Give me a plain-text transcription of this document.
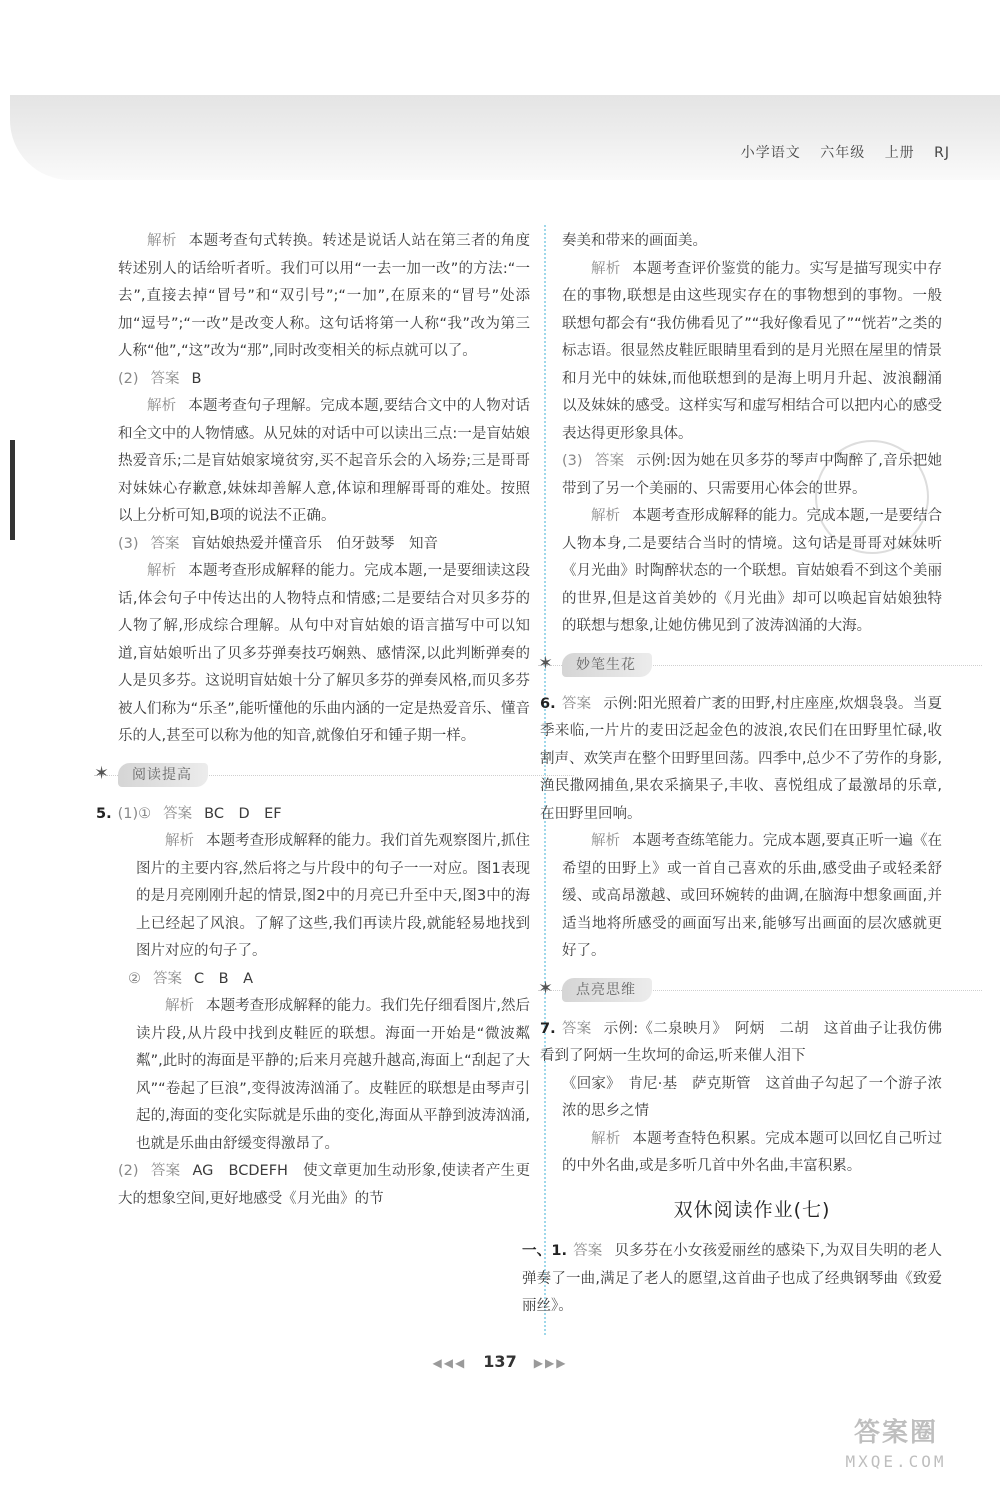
小学语文 六年级 上册 RJ

解析 本题考查句式转换。转述是说话人站在第三者的角度转述别人的话给听者听。我们可以用“一去一加一改”的方法:“一去”,直接去掉“冒号”和“双引号”;“一加”,在原来的“冒号”处添加“逗号”;“一改”是改变人称。这句话将第一人称“我”改为第三人称“他”,“这”改为“那”,同时改变相关的标点就可以了。

(2) 答案 B

解析 本题考查句子理解。完成本题,要结合文中的人物对话和全文中的人物情感。从兄妹的对话中可以读出三点:一是盲姑娘热爱音乐;二是盲姑娘家境贫穷,买不起音乐会的入场券;三是哥哥对妹妹心存歉意,妹妹却善解人意,体谅和理解哥哥的难处。按照以上分析可知,B项的说法不正确。

(3) 答案 盲姑娘热爱并懂音乐　伯牙鼓琴　知音

解析 本题考查形成解释的能力。完成本题,一是要细读这段话,体会句子中传达出的人物特点和情感;二是要结合对贝多芬的人物了解,形成综合理解。从句中对盲姑娘的语言描写中可以知道,盲姑娘听出了贝多芬弹奏技巧娴熟、感情深,以此判断弹奏的人是贝多芬。这说明盲姑娘十分了解贝多芬的弹奏风格,而贝多芬被人们称为“乐圣”,能听懂他的乐曲内涵的一定是热爱音乐、懂音乐的人,甚至可以称为他的知音,就像伯牙和锺子期一样。

✶	阅读提高

5. (1)① 答案 BC　D　EF

解析 本题考查形成解释的能力。我们首先观察图片,抓住图片的主要内容,然后将之与片段中的句子一一对应。图1表现的是月亮刚刚升起的情景,图2中的月亮已升至中天,图3中的海上已经起了风浪。了解了这些,我们再读片段,就能轻易地找到图片对应的句子了。

② 答案 C　B　A

解析 本题考查形成解释的能力。我们先仔细看图片,然后读片段,从片段中找到皮鞋匠的联想。海面一开始是“微波粼粼”,此时的海面是平静的;后来月亮越升越高,海面上“刮起了大风”“卷起了巨浪”,变得波涛汹涌了。皮鞋匠的联想是由琴声引起的,海面的变化实际就是乐曲的变化,海面从平静到波涛汹涌,也就是乐曲由舒缓变得激昂了。

(2) 答案 AG　BCDEFH　使文章更加生动形象,使读者产生更大的想象空间,更好地感受《月光曲》的节

奏美和带来的画面美。

解析 本题考查评价鉴赏的能力。实写是描写现实中存在的事物,联想是由这些现实存在的事物想到的事物。一般联想句都会有“我仿佛看见了”“我好像看见了”“恍若”之类的标志语。很显然皮鞋匠眼睛里看到的是月光照在屋里的情景和月光中的妹妹,而他联想到的是海上明月升起、波浪翻涌以及妹妹的感受。这样实写和虚写相结合可以把内心的感受表达得更形象具体。

(3) 答案 示例:因为她在贝多芬的琴声中陶醉了,音乐把她带到了另一个美丽的、只需要用心体会的世界。

解析 本题考查形成解释的能力。完成本题,一是要结合人物本身,二是要结合当时的情境。这句话是哥哥对妹妹听《月光曲》时陶醉状态的一个联想。盲姑娘看不到这个美丽的世界,但是这首美妙的《月光曲》却可以唤起盲姑娘独特的联想与想象,让她仿佛见到了波涛汹涌的大海。

✶	妙笔生花

6. 答案 示例:阳光照着广袤的田野,村庄座座,炊烟袅袅。当夏季来临,一片片的麦田泛起金色的波浪,农民们在田野里忙碌,收割声、欢笑声在整个田野里回荡。四季中,总少不了劳作的身影,渔民撒网捕鱼,果农采摘果子,丰收、喜悦组成了最激昂的乐章,在田野里回响。

解析 本题考查练笔能力。完成本题,要真正听一遍《在希望的田野上》或一首自己喜欢的乐曲,感受曲子或轻柔舒缓、或高昂激越、或回环婉转的曲调,在脑海中想象画面,并适当地将所感受的画面写出来,能够写出画面的层次感就更好了。

✶	点亮思维

7. 答案 示例:《二泉映月》　阿炳　二胡　这首曲子让我仿佛看到了阿炳一生坎坷的命运,听来催人泪下

《回家》　肯尼·基　萨克斯管　这首曲子勾起了一个游子浓浓的思乡之情

解析 本题考查特色积累。完成本题可以回忆自己听过的中外名曲,或是多听几首中外名曲,丰富积累。

双休阅读作业(七)

一、1. 答案 贝多芬在小女孩爱丽丝的感染下,为双目失明的老人弹奏了一曲,满足了老人的愿望,这首曲子也成了经典钢琴曲《致爱丽丝》。

◀◀◀ 137 ▶▶▶
答案圈
MXQE.COM
